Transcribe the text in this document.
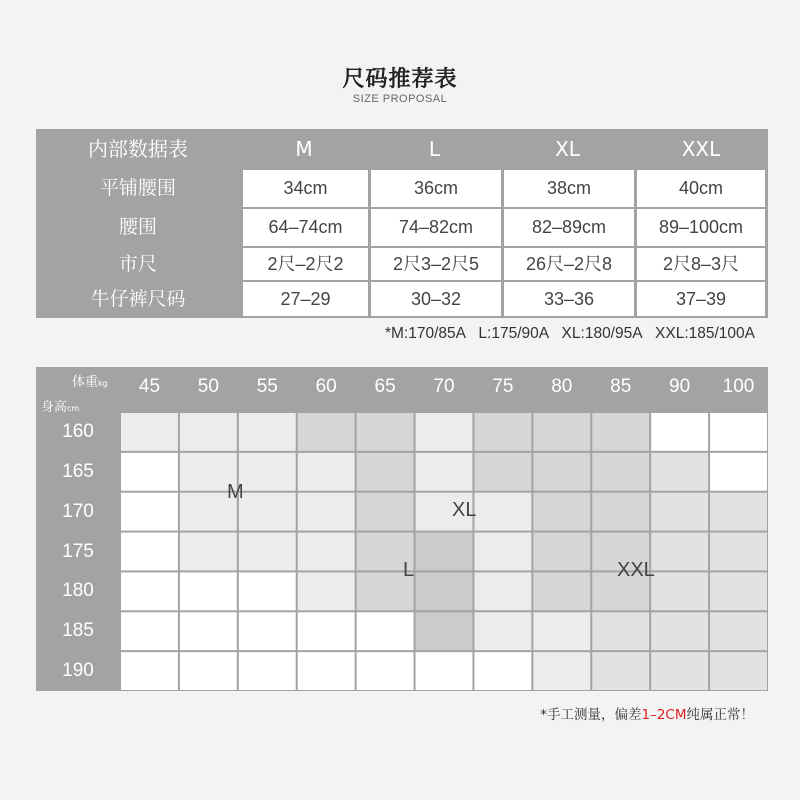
尺码推荐表
SIZE PROPOSAL
内部数据表	M	L	XL	XXL
平铺腰围	34cm	36cm	38cm	40cm
腰围	64–74cm	74–82cm	82–89cm	89–100cm
市尺	2尺–2尺2	2尺3–2尺5	26尺–2尺8	2尺8–3尺
牛仔裤尺码	27–29	30–32	33–36	37–39
*M:170/85A L:175/90A XL:180/95A XXL:185/100A
体重kg
身高cm
45	50	55	60	65	70	75	80	85	90	100
160
165
170
175
180
185
190
M
XL
L	XXL
*手工测量，偏差1–2CM纯属正常！
